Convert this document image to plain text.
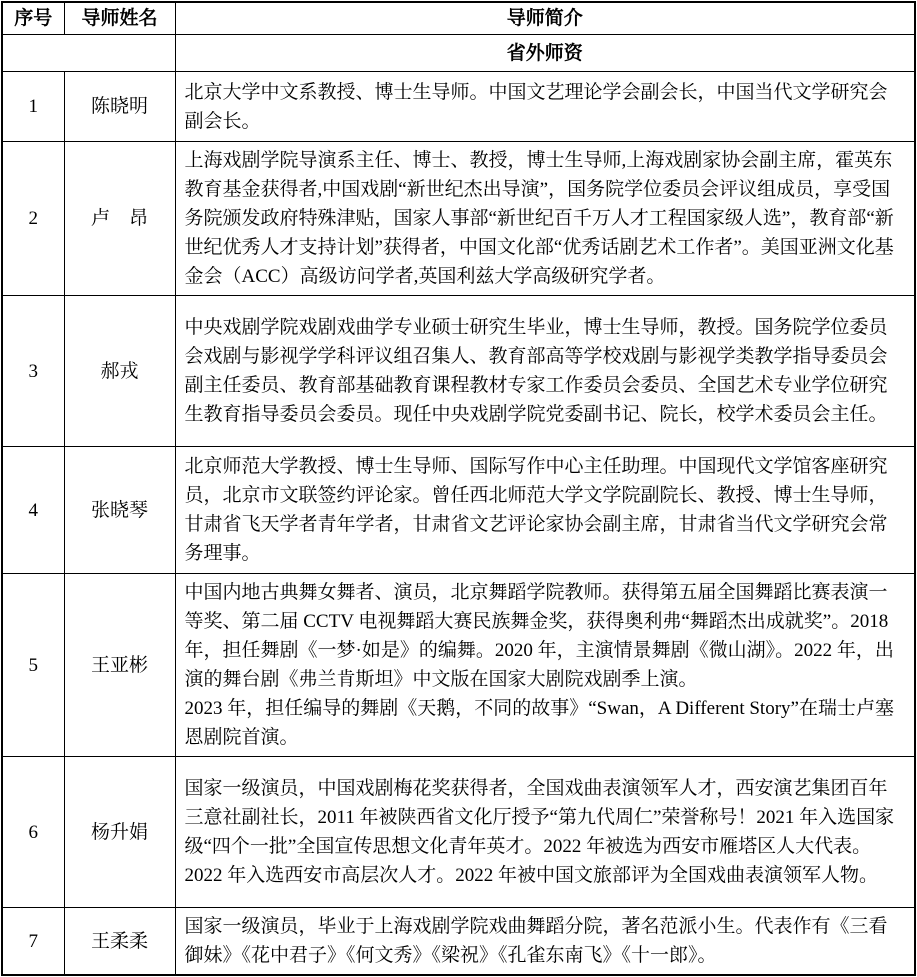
序号	导师姓名	导师简介
		省外师资
1	陈晓明	北京大学中文系教授、博士生导师。中国文艺理论学会副会长，中国当代文学研究会副会长。

2	卢　昂	上海戏剧学院导演系主任、博士、教授，博士生导师,上海戏剧家协会副主席，霍英东教育基金获得者,中国戏剧“新世纪杰出导演”，国务院学位委员会评议组成员，享受国务院颁发政府特殊津贴，国家人事部“新世纪百千万人才工程国家级人选”，教育部“新世纪优秀人才支持计划”获得者，中国文化部“优秀话剧艺术工作者”。美国亚洲文化基金会（ACC）高级访问学者,英国利兹大学高级研究学者。

3	郝戎	中央戏剧学院戏剧戏曲学专业硕士研究生毕业，博士生导师，教授。国务院学位委员会戏剧与影视学学科评议组召集人、教育部高等学校戏剧与影视学类教学指导委员会副主任委员、教育部基础教育课程教材专家工作委员会委员、全国艺术专业学位研究生教育指导委员会委员。现任中央戏剧学院党委副书记、院长，校学术委员会主任。

4	张晓琴	北京师范大学教授、博士生导师、国际写作中心主任助理。中国现代文学馆客座研究员，北京市文联签约评论家。曾任西北师范大学文学院副院长、教授、博士生导师，甘肃省飞天学者青年学者，甘肃省文艺评论家协会副主席，甘肃省当代文学研究会常务理事。

5	王亚彬	中国内地古典舞女舞者、演员，北京舞蹈学院教师。获得第五届全国舞蹈比赛表演一等奖、第二届 CCTV 电视舞蹈大赛民族舞金奖，获得奥利弗“舞蹈杰出成就奖”。2018 年，担任舞剧《一梦·如是》的编舞。2020 年，主演情景舞剧《微山湖》。2022 年，出演的舞台剧《弗兰肯斯坦》中文版在国家大剧院戏剧季上演。
2023 年，担任编导的舞剧《天鹅，不同的故事》“Swan，A Different Story”在瑞士卢塞恩剧院首演。

6	杨升娟	国家一级演员，中国戏剧梅花奖获得者，全国戏曲表演领军人才，西安演艺集团百年三意社副社长，2011 年被陕西省文化厅授予“第九代周仁”荣誉称号！2021 年入选国家级“四个一批”全国宣传思想文化青年英才。2022 年被选为西安市雁塔区人大代表。2022 年入选西安市高层次人才。2022 年被中国文旅部评为全国戏曲表演领军人物。

7	王柔柔	国家一级演员，毕业于上海戏剧学院戏曲舞蹈分院，著名范派小生。代表作有《三看御妹》《花中君子》《何文秀》《梁祝》《孔雀东南飞》《十一郎》。
